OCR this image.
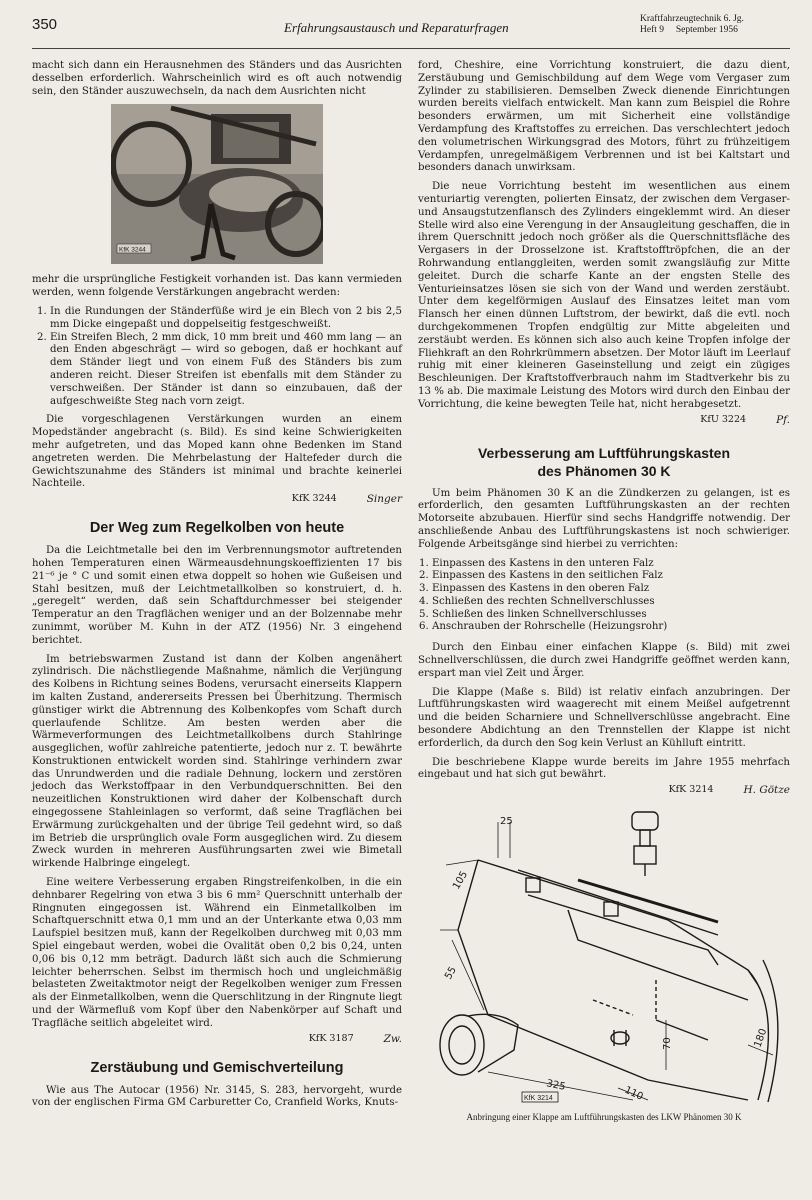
350	Erfahrungsaustausch und Reparaturfragen
Kraftfahrzeugtechnik 6. Jg.
Heft 9     September 1956

macht sich dann ein Herausnehmen des Ständers und das Ausrichten desselben erforderlich. Wahrscheinlich wird es oft auch notwendig sein, den Ständer auszuwechseln, da nach dem Ausrichten nicht

KfK 3244

mehr die ursprüngliche Festigkeit vorhanden ist. Das kann vermieden werden, wenn folgende Verstärkungen angebracht werden:

1. In die Rundungen der Ständerfüße wird je ein Blech von 2 bis 2,5 mm Dicke eingepaßt und doppelseitig festgeschweißt.
2. Ein Streifen Blech, 2 mm dick, 10 mm breit und 460 mm lang — an den Enden abgeschrägt — wird so gebogen, daß er hochkant auf dem Ständer liegt und von einem Fuß des Ständers bis zum anderen reicht. Dieser Streifen ist ebenfalls mit dem Ständer zu verschweißen. Der Ständer ist dann so einzubauen, daß der aufgeschweißte Steg nach vorn zeigt.

Die vorgeschlagenen Verstärkungen wurden an einem Mopedständer angebracht (s. Bild). Es sind keine Schwierigkeiten mehr aufgetreten, und das Moped kann ohne Bedenken im Stand angetreten werden. Die Mehrbelastung der Haltefeder durch die Gewichtszunahme des Ständers ist minimal und brachte keinerlei Nachteile.

KfK 3244	Singer
Der Weg zum Regelkolben von heute

Da die Leichtmetalle bei den im Verbrennungsmotor auftretenden hohen Temperaturen einen Wärmeausdehnungskoeffizienten 17 bis 21⁻⁶ je ° C und somit einen etwa doppelt so hohen wie Gußeisen und Stahl besitzen, muß der Leichtmetallkolben so konstruiert, d. h. „geregelt“ werden, daß sein Schaftdurchmesser bei steigender Temperatur an den Tragflächen weniger und an der Bolzennabe mehr zunimmt, worüber M. Kuhn in der ATZ (1956) Nr. 3 eingehend berichtet.

Im betriebswarmen Zustand ist dann der Kolben angenähert zylindrisch. Die nächstliegende Maßnahme, nämlich die Verjüngung des Kolbens in Richtung seines Bodens, verursacht einerseits Klappern im kalten Zustand, andererseits Pressen bei Überhitzung. Thermisch günstiger wirkt die Abtrennung des Kolbenkopfes vom Schaft durch querlaufende Schlitze. Am besten werden aber die Wärmeverformungen des Leichtmetallkolbens durch Stahlringe ausgeglichen, wofür zahlreiche patentierte, jedoch nur z. T. bewährte Konstruktionen entwickelt worden sind. Stahlringe verhindern zwar das Unrundwerden und die radiale Dehnung, lockern und zerstören jedoch das Werkstoffpaar in den Verbundquerschnitten. Bei den neuzeitlichen Konstruktionen wird daher der Kolbenschaft durch eingegossene Stahleinlagen so verformt, daß seine Tragflächen bei Erwärmung zurückgehalten und der übrige Teil gedehnt wird, so daß im Betrieb die ursprünglich ovale Form ausgeglichen wird. Zu diesem Zweck wurden in mehreren Ausführungsarten zwei wie Bimetall wirkende Halbringe eingelegt.

Eine weitere Verbesserung ergaben Ringstreifenkolben, in die ein dehnbarer Regelring von etwa 3 bis 6 mm² Querschnitt unterhalb der Ringnuten eingegossen ist. Während ein Einmetallkolben im Schaftquerschnitt etwa 0,1 mm und an der Unterkante etwa 0,03 mm Laufspiel besitzen muß, kann der Regelkolben durchweg mit 0,03 mm Spiel eingebaut werden, wobei die Ovalität oben 0,2 bis 0,24, unten 0,06 bis 0,12 mm beträgt. Dadurch läßt sich auch die Schmierung leichter beherrschen. Selbst im thermisch hoch und ungleichmäßig belasteten Zweitaktmotor neigt der Regelkolben weniger zum Fressen als der Einmetallkolben, wenn die Querschlitzung in der Ringnute liegt und der Wärmefluß vom Kopf über den Nabenkörper auf Schaft und Tragfläche seitlich abgeleitet wird.

KfK 3187	Zw.
Zerstäubung und Gemischverteilung

Wie aus The Autocar (1956) Nr. 3145, S. 283, hervorgeht, wurde von der englischen Firma GM Carburetter Co, Cranfield Works, Knuts-

ford, Cheshire, eine Vorrichtung konstruiert, die dazu dient, Zerstäubung und Gemischbildung auf dem Wege vom Vergaser zum Zylinder zu stabilisieren. Demselben Zweck dienende Einrichtungen wurden bereits vielfach entwickelt. Man kann zum Beispiel die Rohre besonders erwärmen, um mit Sicherheit eine vollständige Verdampfung des Kraftstoffes zu erreichen. Das verschlechtert jedoch den volumetrischen Wirkungsgrad des Motors, führt zu frühzeitigem Verdampfen, unregelmäßigem Verbrennen und ist bei Kaltstart und besonders danach unwirksam.

Die neue Vorrichtung besteht im wesentlichen aus einem venturiartig verengten, polierten Einsatz, der zwischen dem Vergaser- und Ansaugstutzenflansch des Zylinders eingeklemmt wird. An dieser Stelle wird also eine Verengung in der Ansaugleitung geschaffen, die in ihrem Querschnitt jedoch noch größer als die Querschnittsfläche des Vergasers in der Drosselzone ist. Kraftstofftröpfchen, die an der Rohrwandung entlanggleiten, werden somit zwangsläufig zur Mitte geleitet. Durch die scharfe Kante an der engsten Stelle des Venturieinsatzes lösen sie sich von der Wand und werden zerstäubt. Unter dem kegelförmigen Auslauf des Einsatzes leitet man vom Flansch her einen dünnen Luftstrom, der bewirkt, daß die evtl. noch durchgekommenen Tropfen endgültig zur Mitte abgeleiten und zerstäubt werden. Es können sich also auch keine Tropfen infolge der Fliehkraft an den Rohrkrümmern absetzen. Der Motor läuft im Leerlauf ruhig mit einer kleineren Gaseinstellung und zeigt ein zügiges Beschleunigen. Der Kraftstoffverbrauch nahm im Stadtverkehr bis zu 13 % ab. Die maximale Leistung des Motors wird durch den Einbau der Vorrichtung, die keine bewegten Teile hat, nicht herabgesetzt.

KfU 3224	Pf.
Verbesserung am Luftführungskasten
des Phänomen 30 K

Um beim Phänomen 30 K an die Zündkerzen zu gelangen, ist es erforderlich, den gesamten Luftführungskasten an der rechten Motorseite abzubauen. Hierfür sind sechs Handgriffe notwendig. Der anschließende Anbau des Luftführungskastens ist noch schwieriger. Folgende Arbeitsgänge sind hierbei zu verrichten:

1. Einpassen des Kastens in den unteren Falz
2. Einpassen des Kastens in den seitlichen Falz
3. Einpassen des Kastens in den oberen Falz
4. Schließen des rechten Schnellverschlusses
5. Schließen des linken Schnellverschlusses
6. Anschrauben der Rohrschelle (Heizungsrohr)

Durch den Einbau einer einfachen Klappe (s. Bild) mit zwei Schnellverschlüssen, die durch zwei Handgriffe geöffnet werden kann, erspart man viel Zeit und Ärger.

Die Klappe (Maße s. Bild) ist relativ einfach anzubringen. Der Luftführungskasten wird waagerecht mit einem Meißel aufgetrennt und die beiden Scharniere und Schnellverschlüsse angebracht. Eine besondere Abdichtung an den Trennstellen der Klappe ist nicht erforderlich, da durch den Sog kein Verlust an Kühlluft eintritt.

Die beschriebene Klappe wurde bereits im Jahre 1955 mehrfach eingebaut und hat sich gut bewährt.

KfK 3214	H. Götze
25
105
55
70	180
325	110
KfK 3214
Anbringung einer Klappe am Luftführungskasten des LKW Phänomen 30 K
